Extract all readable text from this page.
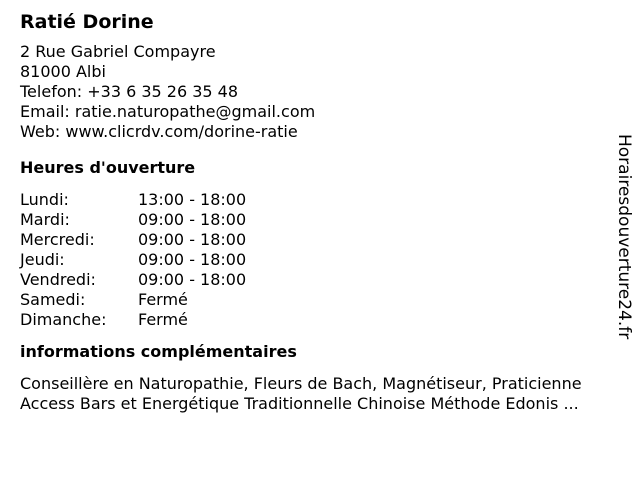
Ratié Dorine
2 Rue Gabriel Compayre
81000 Albi
Telefon: +33 6 35 26 35 48
Email: ratie.naturopathe@gmail.com
Web: www.clicrdv.com/dorine-ratie
Heures d'ouverture
Lundi:	13:00 - 18:00
Mardi:	09:00 - 18:00
Mercredi:	09:00 - 18:00
Jeudi:	09:00 - 18:00
Vendredi:	09:00 - 18:00
Samedi:	Fermé
Dimanche:	Fermé
informations complémentaires
Conseillère en Naturopathie, Fleurs de Bach, Magnétiseur, Praticienne
Access Bars et Energétique Traditionnelle Chinoise Méthode Edonis ...
Horairesdouverture24.fr
